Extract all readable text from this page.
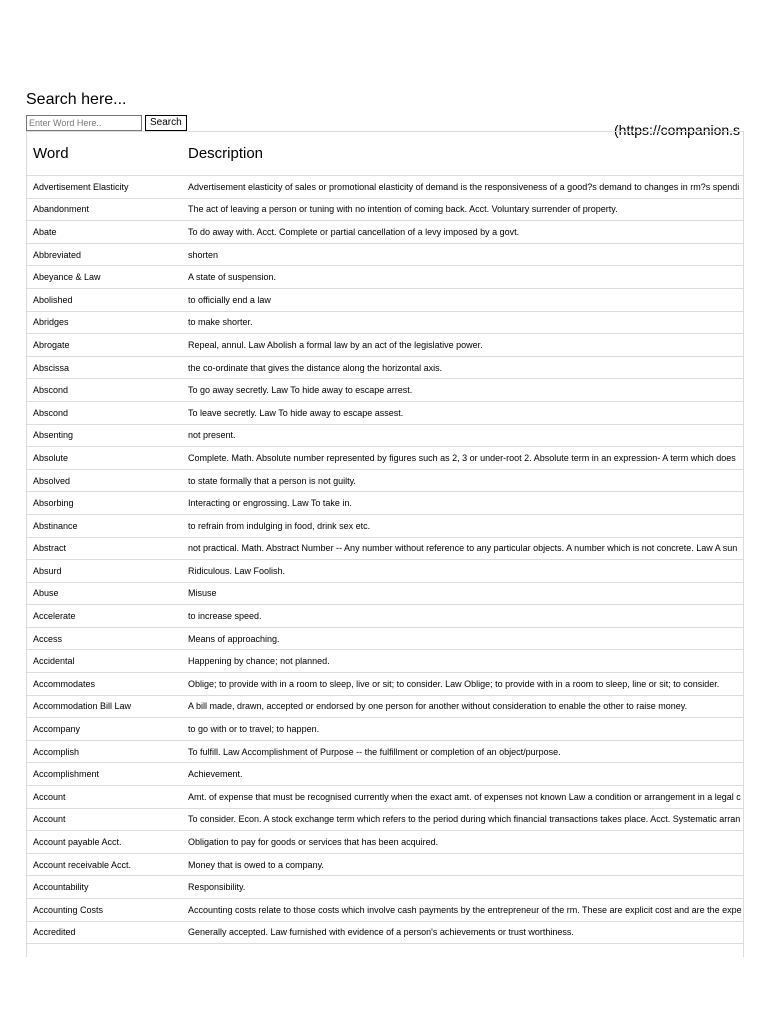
Search here...
Enter Word Here..
Search	(https://companion.s
Word	Description
Advertisement Elasticity	Advertisement elasticity of sales or promotional elasticity of demand is the responsiveness of a good?s demand to changes in rm?s spendi
Abandonment	The act of leaving a person or tuning with no intention of coming back. Acct. Voluntary surrender of property.
Abate	To do away with. Acct. Complete or partial cancellation of a levy imposed by a govt.
Abbreviated	shorten
Abeyance & Law	A state of suspension.
Abolished	to officially end a law
Abridges	to make shorter.
Abrogate	Repeal, annul. Law Abolish a formal law by an act of the legislative power.
Abscissa	the co-ordinate that gives the distance along the horizontal axis.
Abscond	To go away secretly. Law To hide away to escape arrest.
Abscond	To leave secretly. Law To hide away to escape assest.
Absenting	not present.
Absolute	Complete. Math. Absolute number represented by figures such as 2, 3 or under-root 2. Absolute term in an expression- A term which does
Absolved	to state formally that a person is not guilty.
Absorbing	Interacting or engrossing. Law To take in.
Abstinance	to refrain from indulging in food, drink sex etc.
Abstract	not practical. Math. Abstract Number -- Any number without reference to any particular objects. A number which is not concrete. Law A sun
Absurd	Ridiculous. Law Foolish.
Abuse	Misuse
Accelerate	to increase speed.
Access	Means of approaching.
Accidental	Happening by chance; not planned.
Accommodates	Oblige; to provide with in a room to sleep, live or sit; to consider. Law Oblige; to provide with in a room to sleep, line or sit; to consider.
Accommodation Bill Law	A bill made, drawn, accepted or endorsed by one person for another without consideration to enable the other to raise money.
Accompany	to go with or to travel; to happen.
Accomplish	To fulfill. Law Accomplishment of Purpose -- the fulfillment or completion of an object/purpose.
Accomplishment	Achievement.
Account	Amt. of expense that must be recognised currently when the exact amt. of expenses not known Law a condition or arrangement in a legal c
Account	To consider. Econ. A stock exchange term which refers to the period during which financial transactions takes place. Acct. Systematic arran
Account payable Acct.	Obligation to pay for goods or services that has been acquired.
Account receivable Acct.	Money that is owed to a company.
Accountability	Responsibility.
Accounting Costs	Accounting costs relate to those costs which involve cash payments by the entrepreneur of the rm. These are explicit cost and are the expe
Accredited	Generally accepted. Law furnished with evidence of a person's achievements or trust worthiness.
